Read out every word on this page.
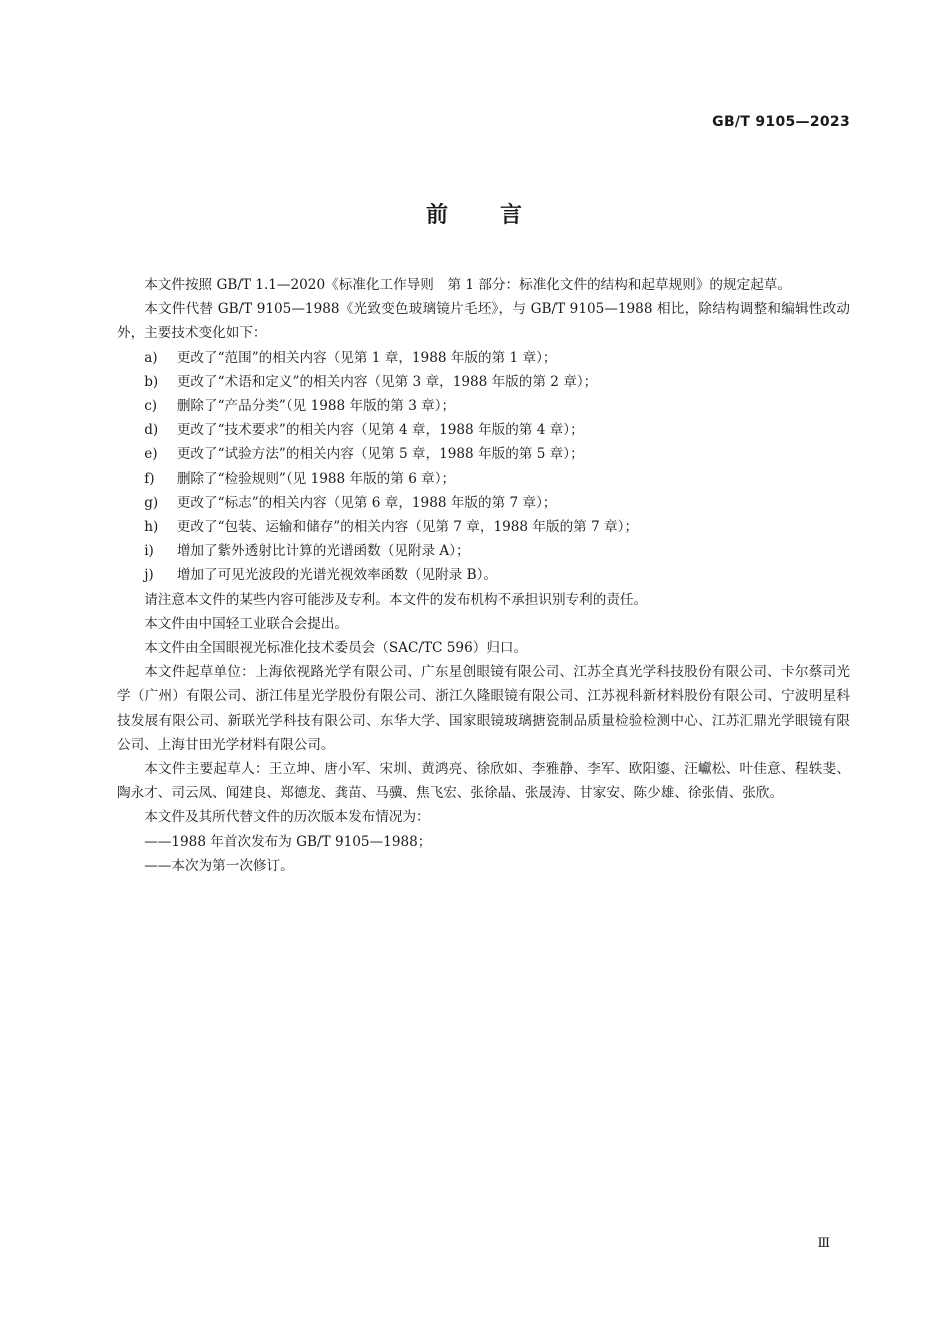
GB/T 9105—2023
前 言

本文件按照 GB/T 1.1—2020《标准化工作导则　第 1 部分：标准化文件的结构和起草规则》的规定起草。

本文件代替 GB/T 9105—1988《光致变色玻璃镜片毛坯》，与 GB/T 9105—1988 相比，除结构调整和编辑性改动外，主要技术变化如下：

a) 更改了“范围”的相关内容（见第 1 章，1988 年版的第 1 章）；

b) 更改了“术语和定义”的相关内容（见第 3 章，1988 年版的第 2 章）；

c) 删除了“产品分类”（见 1988 年版的第 3 章）；

d) 更改了“技术要求”的相关内容（见第 4 章，1988 年版的第 4 章）；

e) 更改了“试验方法”的相关内容（见第 5 章，1988 年版的第 5 章）；

f) 删除了“检验规则”（见 1988 年版的第 6 章）；

g) 更改了“标志”的相关内容（见第 6 章，1988 年版的第 7 章）；

h) 更改了“包装、运输和储存”的相关内容（见第 7 章，1988 年版的第 7 章）；

i) 增加了紫外透射比计算的光谱函数（见附录 A）；

j) 增加了可见光波段的光谱光视效率函数（见附录 B）。

请注意本文件的某些内容可能涉及专利。本文件的发布机构不承担识别专利的责任。

本文件由中国轻工业联合会提出。

本文件由全国眼视光标准化技术委员会（SAC/TC 596）归口。

本文件起草单位：上海依视路光学有限公司、广东星创眼镜有限公司、江苏全真光学科技股份有限公司、卡尔蔡司光学（广州）有限公司、浙江伟星光学股份有限公司、浙江久隆眼镜有限公司、江苏视科新材料股份有限公司、宁波明星科技发展有限公司、新联光学科技有限公司、东华大学、国家眼镜玻璃搪瓷制品质量检验检测中心、江苏汇鼎光学眼镜有限公司、上海甘田光学材料有限公司。

本文件主要起草人：王立坤、唐小军、宋圳、黄鸿亮、徐欣如、李雅静、李军、欧阳鎏、汪巘松、叶佳意、程轶斐、陶永才、司云凤、闻建良、郑德龙、龚苗、马骥、焦飞宏、张徐晶、张晟涛、甘家安、陈少雄、徐张倩、张欣。

本文件及其所代替文件的历次版本发布情况为：

——1988 年首次发布为 GB/T 9105—1988；

——本次为第一次修订。

Ⅲ
